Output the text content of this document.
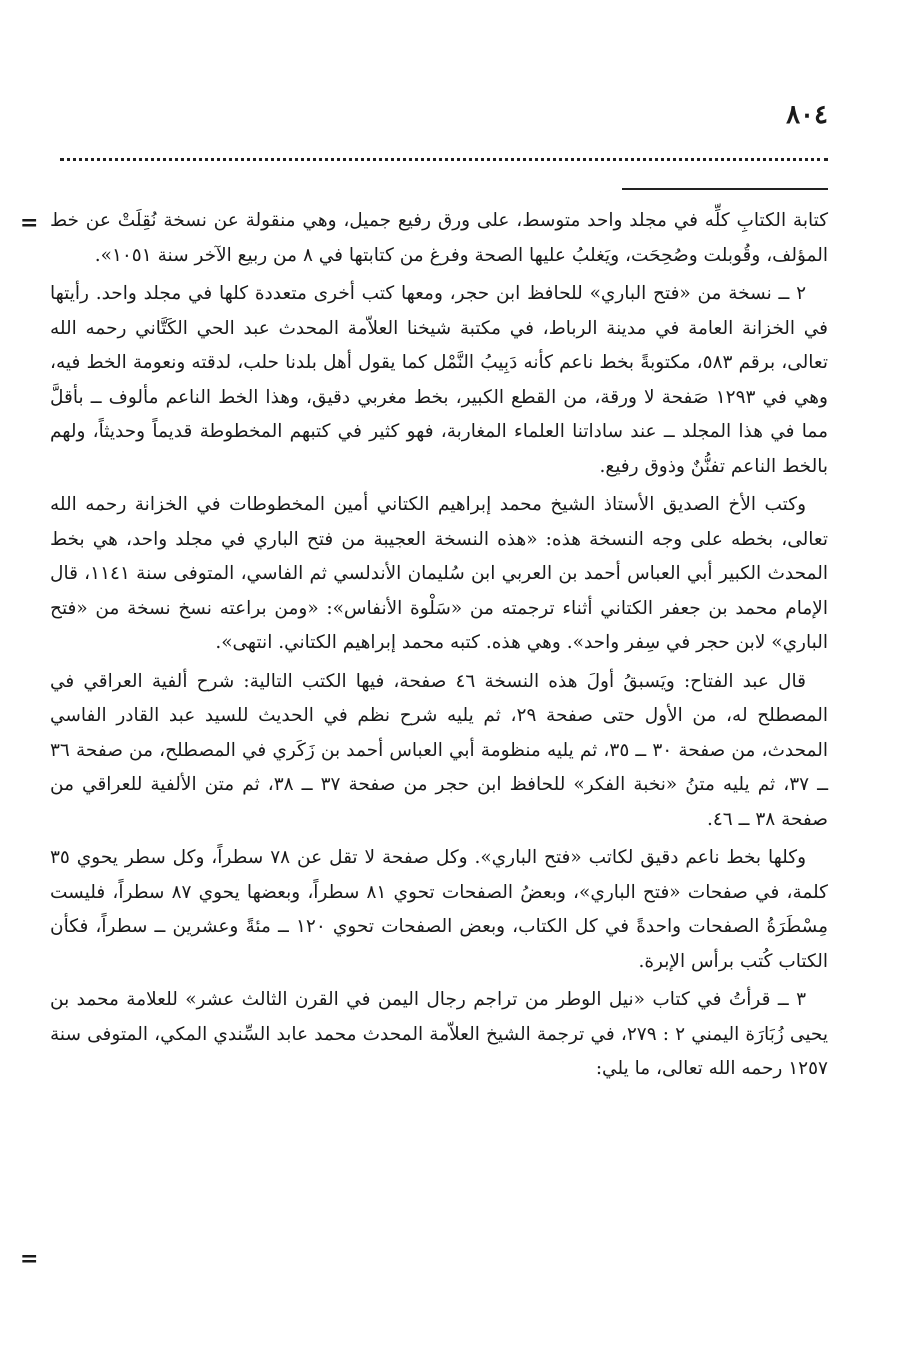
٨٠٤
= كتابة الكتابِ كلِّه في مجلد واحد متوسط، على ورق رفيع جميل، وهي منقولة عن نسخة نُقِلَتْ عن خط المؤلف، وقُوبلت وصُحِحَت، ويَغلبُ عليها الصحة وفرغ من كتابتها في ٨ من ربيع الآخر سنة ١٠٥١».

٢ ــ نسخة من «فتح الباري» للحافظ ابن حجر، ومعها كتب أخرى متعددة كلها في مجلد واحد. رأيتها في الخزانة العامة في مدينة الرباط، في مكتبة شيخنا العلاّمة المحدث عبد الحي الكَتَّاني رحمه الله تعالى، برقم ٥٨٣، مكتوبةً بخط ناعم كأنه دَبِيبُ النَّمْل كما يقول أهل بلدنا حلب، لدقته ونعومة الخط فيه، وهي في ١٢٩٣ صَفحة لا ورقة، من القطع الكبير، بخط مغربي دقيق، وهذا الخط الناعم مألوف ــ بأقلَّ مما في هذا المجلد ــ عند ساداتنا العلماء المغاربة، فهو كثير في كتبهم المخطوطة قديماً وحديثاً، ولهم بالخط الناعم تفنُّنٌ وذوق رفيع.

وكتب الأخ الصديق الأستاذ الشيخ محمد إبراهيم الكتاني أمين المخطوطات في الخزانة رحمه الله تعالى، بخطه على وجه النسخة هذه: «هذه النسخة العجيبة من فتح الباري في مجلد واحد، هي بخط المحدث الكبير أبي العباس أحمد بن العربي ابن سُليمان الأندلسي ثم الفاسي، المتوفى سنة ١١٤١، قال الإمام محمد بن جعفر الكتاني أثناء ترجمته من «سَلْوة الأنفاس»: «ومن براعته نسخ نسخة من «فتح الباري» لابن حجر في سِفر واحد». وهي هذه. كتبه محمد إبراهيم الكتاني. انتهى».

قال عبد الفتاح: ويَسبقُ أولَ هذه النسخة ٤٦ صفحة، فيها الكتب التالية: شرح ألفية العراقي في المصطلح له، من الأول حتى صفحة ٢٩، ثم يليه شرح نظم في الحديث للسيد عبد القادر الفاسي المحدث، من صفحة ٣٠ ــ ٣٥، ثم يليه منظومة أبي العباس أحمد بن زَكَري في المصطلح، من صفحة ٣٦ ــ ٣٧، ثم يليه متنُ «نخبة الفكر» للحافظ ابن حجر من صفحة ٣٧ ــ ٣٨، ثم متن الألفية للعراقي من صفحة ٣٨ ــ ٤٦.

وكلها بخط ناعم دقيق لكاتب «فتح الباري». وكل صفحة لا تقل عن ٧٨ سطراً، وكل سطر يحوي ٣٥ كلمة، في صفحات «فتح الباري»، وبعضُ الصفحات تحوي ٨١ سطراً، وبعضها يحوي ٨٧ سطراً، فليست مِسْطَرَةُ الصفحات واحدةً في كل الكتاب، وبعض الصفحات تحوي ١٢٠ ــ مئةً وعشرين ــ سطراً، فكأن الكتاب كُتب برأس الإبرة.

٣ ــ قرأتُ في كتاب «نيل الوطر من تراجم رجال اليمن في القرن الثالث عشر» للعلامة محمد بن يحيى زُبَارَة اليمني ٢ : ٢٧٩، في ترجمة الشيخ العلاّمة المحدث محمد عابد السِّندي المكي، المتوفى سنة ١٢٥٧ رحمه الله تعالى، ما يلي:

=
